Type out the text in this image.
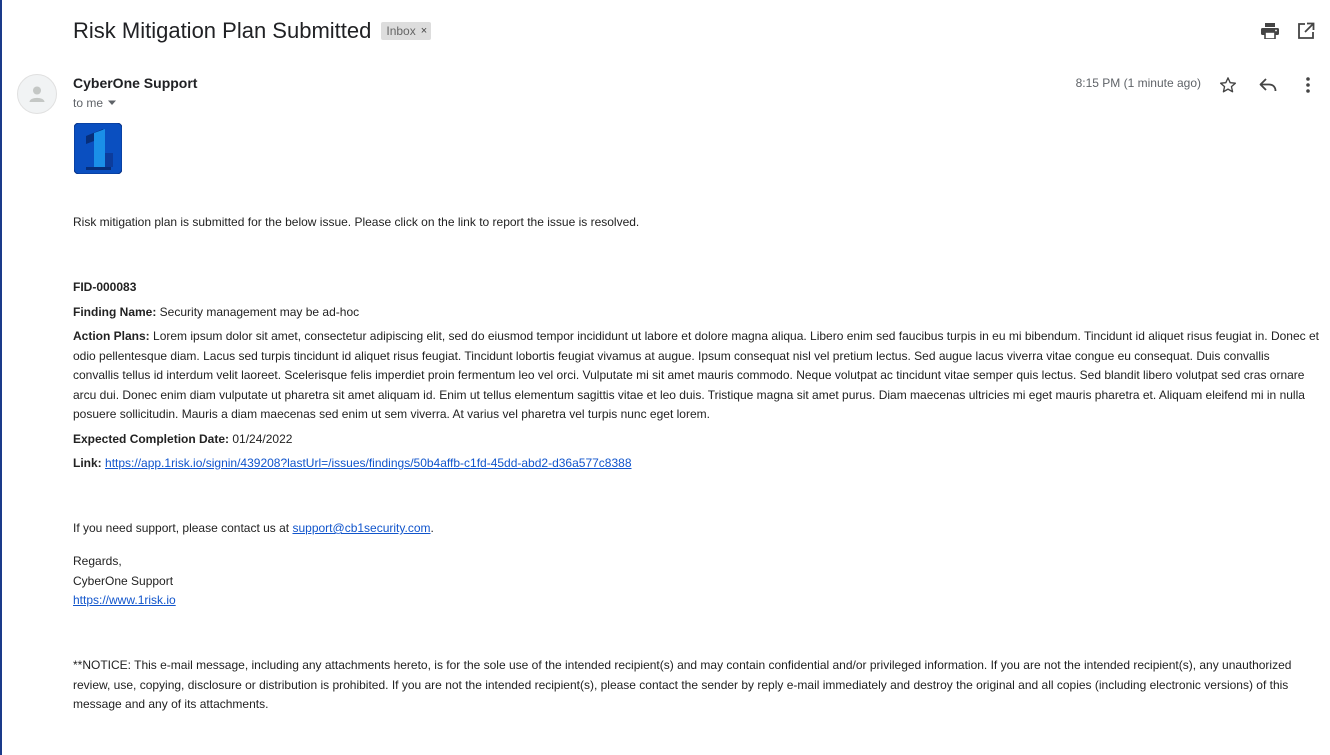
Risk Mitigation Plan Submitted Inbox ×
CyberOne Support
to me
8:15 PM (1 minute ago)
Risk mitigation plan is submitted for the below issue. Please click on the link to report the issue is resolved.
FID-000083
Finding Name: Security management may be ad-hoc
Action Plans: Lorem ipsum dolor sit amet, consectetur adipiscing elit, sed do eiusmod tempor incididunt ut labore et dolore magna aliqua. Libero enim sed faucibus turpis in eu mi bibendum. Tincidunt id aliquet risus feugiat in. Donec et odio pellentesque diam. Lacus sed turpis tincidunt id aliquet risus feugiat. Tincidunt lobortis feugiat vivamus at augue. Ipsum consequat nisl vel pretium lectus. Sed augue lacus viverra vitae congue eu consequat. Duis convallis convallis tellus id interdum velit laoreet. Scelerisque felis imperdiet proin fermentum leo vel orci. Vulputate mi sit amet mauris commodo. Neque volutpat ac tincidunt vitae semper quis lectus. Sed blandit libero volutpat sed cras ornare arcu dui. Donec enim diam vulputate ut pharetra sit amet aliquam id. Enim ut tellus elementum sagittis vitae et leo duis. Tristique magna sit amet purus. Diam maecenas ultricies mi eget mauris pharetra et. Aliquam eleifend mi in nulla posuere sollicitudin. Mauris a diam maecenas sed enim ut sem viverra. At varius vel pharetra vel turpis nunc eget lorem.
Expected Completion Date: 01/24/2022
Link: https://app.1risk.io/signin/439208?lastUrl=/issues/findings/50b4affb-c1fd-45dd-abd2-d36a577c8388
If you need support, please contact us at support@cb1security.com.
Regards,
CyberOne Support
https://www.1risk.io
**NOTICE: This e-mail message, including any attachments hereto, is for the sole use of the intended recipient(s) and may contain confidential and/or privileged information. If you are not the intended recipient(s), any unauthorized review, use, copying, disclosure or distribution is prohibited. If you are not the intended recipient(s), please contact the sender by reply e-mail immediately and destroy the original and all copies (including electronic versions) of this message and any of its attachments.
